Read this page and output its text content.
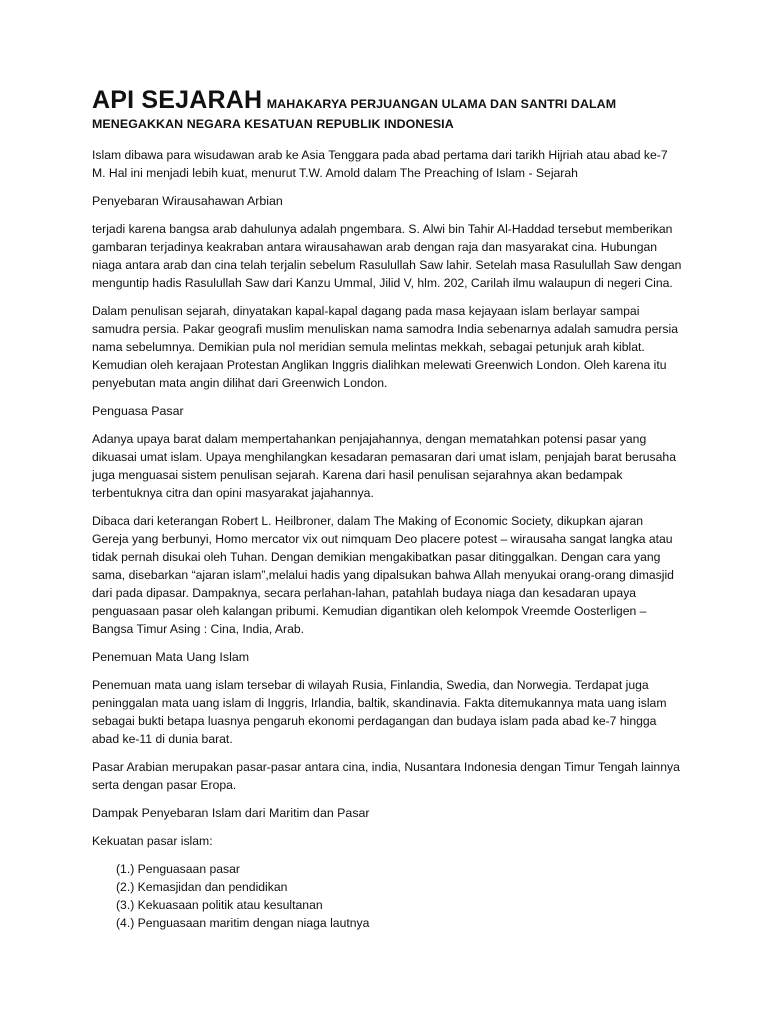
API SEJARAH MAHAKARYA PERJUANGAN ULAMA DAN SANTRI DALAM MENEGAKKAN NEGARA KESATUAN REPUBLIK INDONESIA

Islam dibawa para wisudawan arab ke Asia Tenggara pada abad pertama dari tarikh Hijriah atau abad ke-7 M. Hal ini menjadi lebih kuat, menurut T.W. Amold dalam The Preaching of Islam - Sejarah

Penyebaran Wirausahawan Arbian

terjadi karena bangsa arab dahulunya adalah pngembara. S. Alwi bin Tahir Al-Haddad tersebut memberikan gambaran terjadinya keakraban antara wirausahawan arab dengan raja dan masyarakat cina. Hubungan niaga antara arab dan cina telah terjalin sebelum Rasulullah Saw lahir. Setelah masa Rasulullah Saw dengan menguntip hadis Rasulullah Saw dari Kanzu Ummal, Jilid V, hlm. 202, Carilah ilmu walaupun di negeri Cina.

Dalam penulisan sejarah, dinyatakan kapal-kapal dagang pada masa kejayaan islam berlayar sampai samudra persia. Pakar geografi muslim menuliskan nama samodra India sebenarnya adalah samudra persia nama sebelumnya. Demikian pula nol meridian semula melintas mekkah, sebagai petunjuk arah kiblat. Kemudian oleh kerajaan Protestan Anglikan Inggris dialihkan melewati Greenwich London. Oleh karena itu penyebutan mata angin dilihat dari Greenwich London.

Penguasa Pasar

Adanya upaya barat dalam mempertahankan penjajahannya, dengan mematahkan potensi pasar yang dikuasai umat islam. Upaya menghilangkan kesadaran pemasaran dari umat islam, penjajah barat berusaha juga menguasai sistem penulisan sejarah. Karena dari hasil penulisan sejarahnya akan bedampak terbentuknya citra dan opini masyarakat jajahannya.

Dibaca dari keterangan Robert L. Heilbroner, dalam The Making of Economic Society, dikupkan ajaran Gereja yang berbunyi, Homo mercator vix out nimquam Deo placere potest – wirausaha sangat langka atau tidak pernah disukai oleh Tuhan. Dengan demikian mengakibatkan pasar ditinggalkan. Dengan cara yang sama, disebarkan “ajaran islam”,melalui hadis yang dipalsukan bahwa Allah menyukai orang-orang dimasjid dari pada dipasar. Dampaknya, secara perlahan-lahan, patahlah budaya niaga dan kesadaran upaya penguasaan pasar oleh kalangan pribumi. Kemudian digantikan oleh kelompok Vreemde Oosterligen – Bangsa Timur Asing : Cina, India, Arab.

Penemuan Mata Uang Islam

Penemuan mata uang islam tersebar di wilayah Rusia, Finlandia, Swedia, dan Norwegia. Terdapat juga peninggalan mata uang islam di Inggris, Irlandia, baltik, skandinavia. Fakta ditemukannya mata uang islam sebagai bukti betapa luasnya pengaruh ekonomi perdagangan dan budaya islam pada abad ke-7 hingga abad ke-11 di dunia barat.

Pasar Arabian merupakan pasar-pasar antara cina, india, Nusantara Indonesia dengan Timur Tengah lainnya serta dengan pasar Eropa.

Dampak Penyebaran Islam dari Maritim dan Pasar

Kekuatan pasar islam:

(1.) Penguasaan pasar
(2.) Kemasjidan dan pendidikan
(3.) Kekuasaan politik atau kesultanan
(4.) Penguasaan maritim dengan niaga lautnya
